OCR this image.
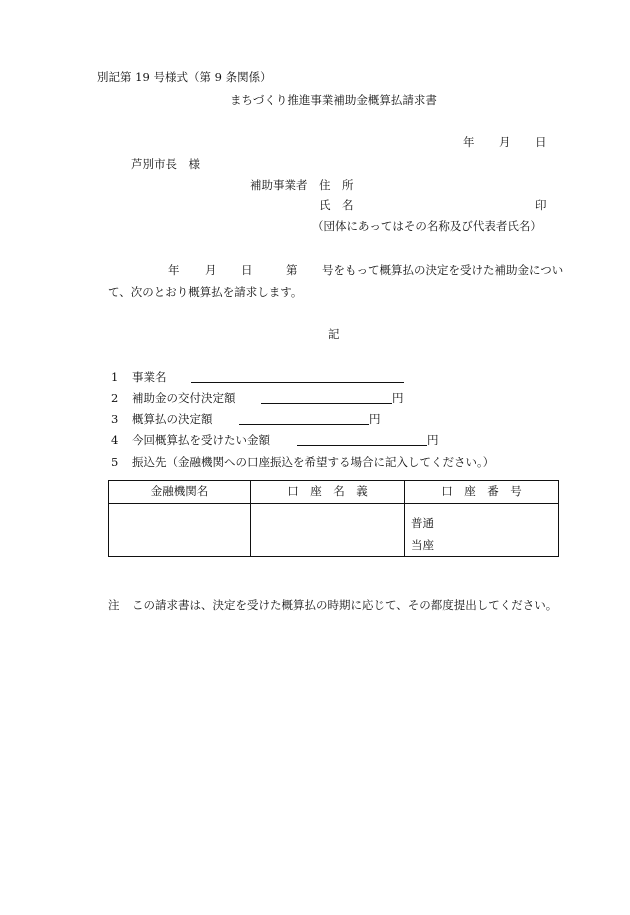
別記第 19 号様式（第 9 条関係）
まちづくり推進事業補助金概算払請求書
年 月 日
芦別市長　様
補助事業者 住　所
氏　名	印
（団体にあってはその名称及び代表者氏名）
年 月 日	第 号をもって概算払の決定を受けた補助金につい
て、次のとおり概算払を請求します。
記
1 事業名
2 補助金の交付決定額	円
3 概算払の決定額	円
4 今回概算払を受けたい金額	円
5 振込先（金融機関への口座振込を希望する場合に記入してください。）
金融機関名	口　座　名　義	口　座　番　号

		普通
当座
注 この請求書は、決定を受けた概算払の時期に応じて、その都度提出してください。
